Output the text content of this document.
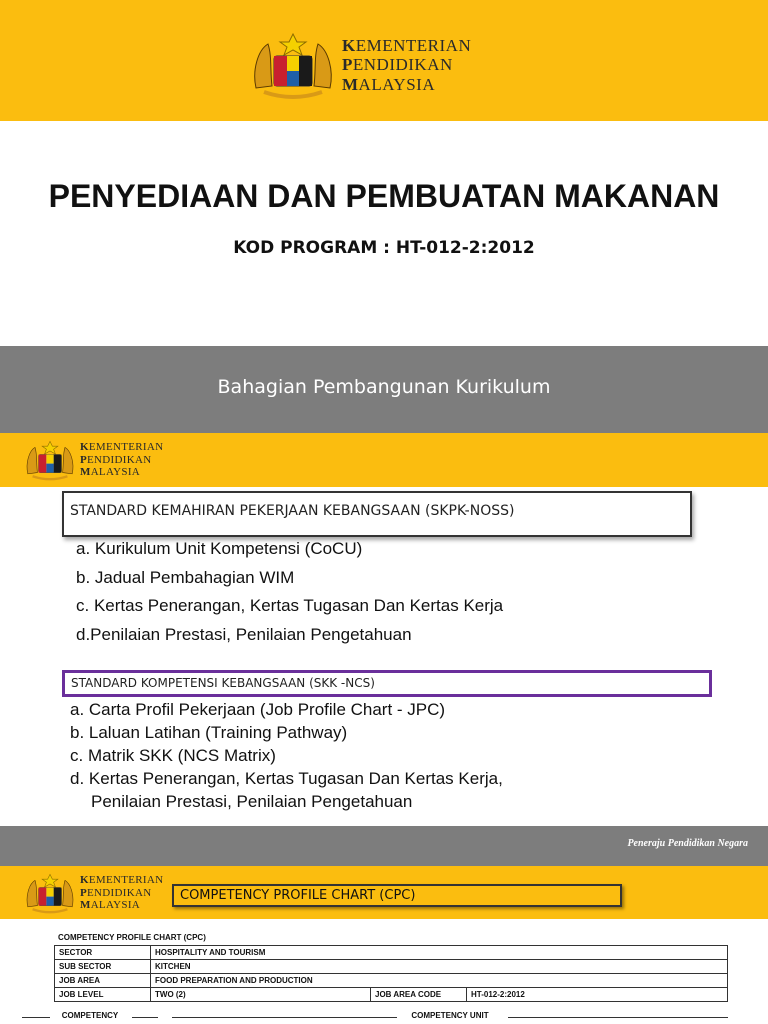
KEMENTERIAN
PENDIDIKAN
MALAYSIA
PENYEDIAAN DAN PEMBUATAN MAKANAN
KOD PROGRAM : HT-012-2:2012
Bahagian Pembangunan Kurikulum
KEMENTERIAN
PENDIDIKAN
MALAYSIA
STANDARD KEMAHIRAN PEKERJAAN KEBANGSAAN (SKPK-NOSS)
a. Kurikulum Unit Kompetensi (CoCU)
b. Jadual Pembahagian WIM
c. Kertas Penerangan, Kertas Tugasan Dan Kertas Kerja
d.Penilaian Prestasi, Penilaian Pengetahuan
STANDARD KOMPETENSI KEBANGSAAN (SKK -NCS)
a. Carta Profil Pekerjaan (Job Profile Chart - JPC)
b. Laluan Latihan (Training Pathway)
c. Matrik SKK (NCS Matrix)
d. Kertas Penerangan, Kertas Tugasan Dan Kertas Kerja,
Penilaian Prestasi, Penilaian Pengetahuan
KEMENTERIAN
PENDIDIKAN
MALAYSIA
COMPETENCY PROFILE CHART (CPC)
COMPETENCY PROFILE CHART (CPC)
SECTOR	HOSPITALITY AND TOURISM		
SUB SECTOR	KITCHEN		
JOB AREA	FOOD PREPARATION AND PRODUCTION		
JOB LEVEL	TWO (2)	JOB AREA CODE	HT-012-2:2012
COMPETENCY	COMPETENCY UNIT
Peneraju Pendidikan Negara
